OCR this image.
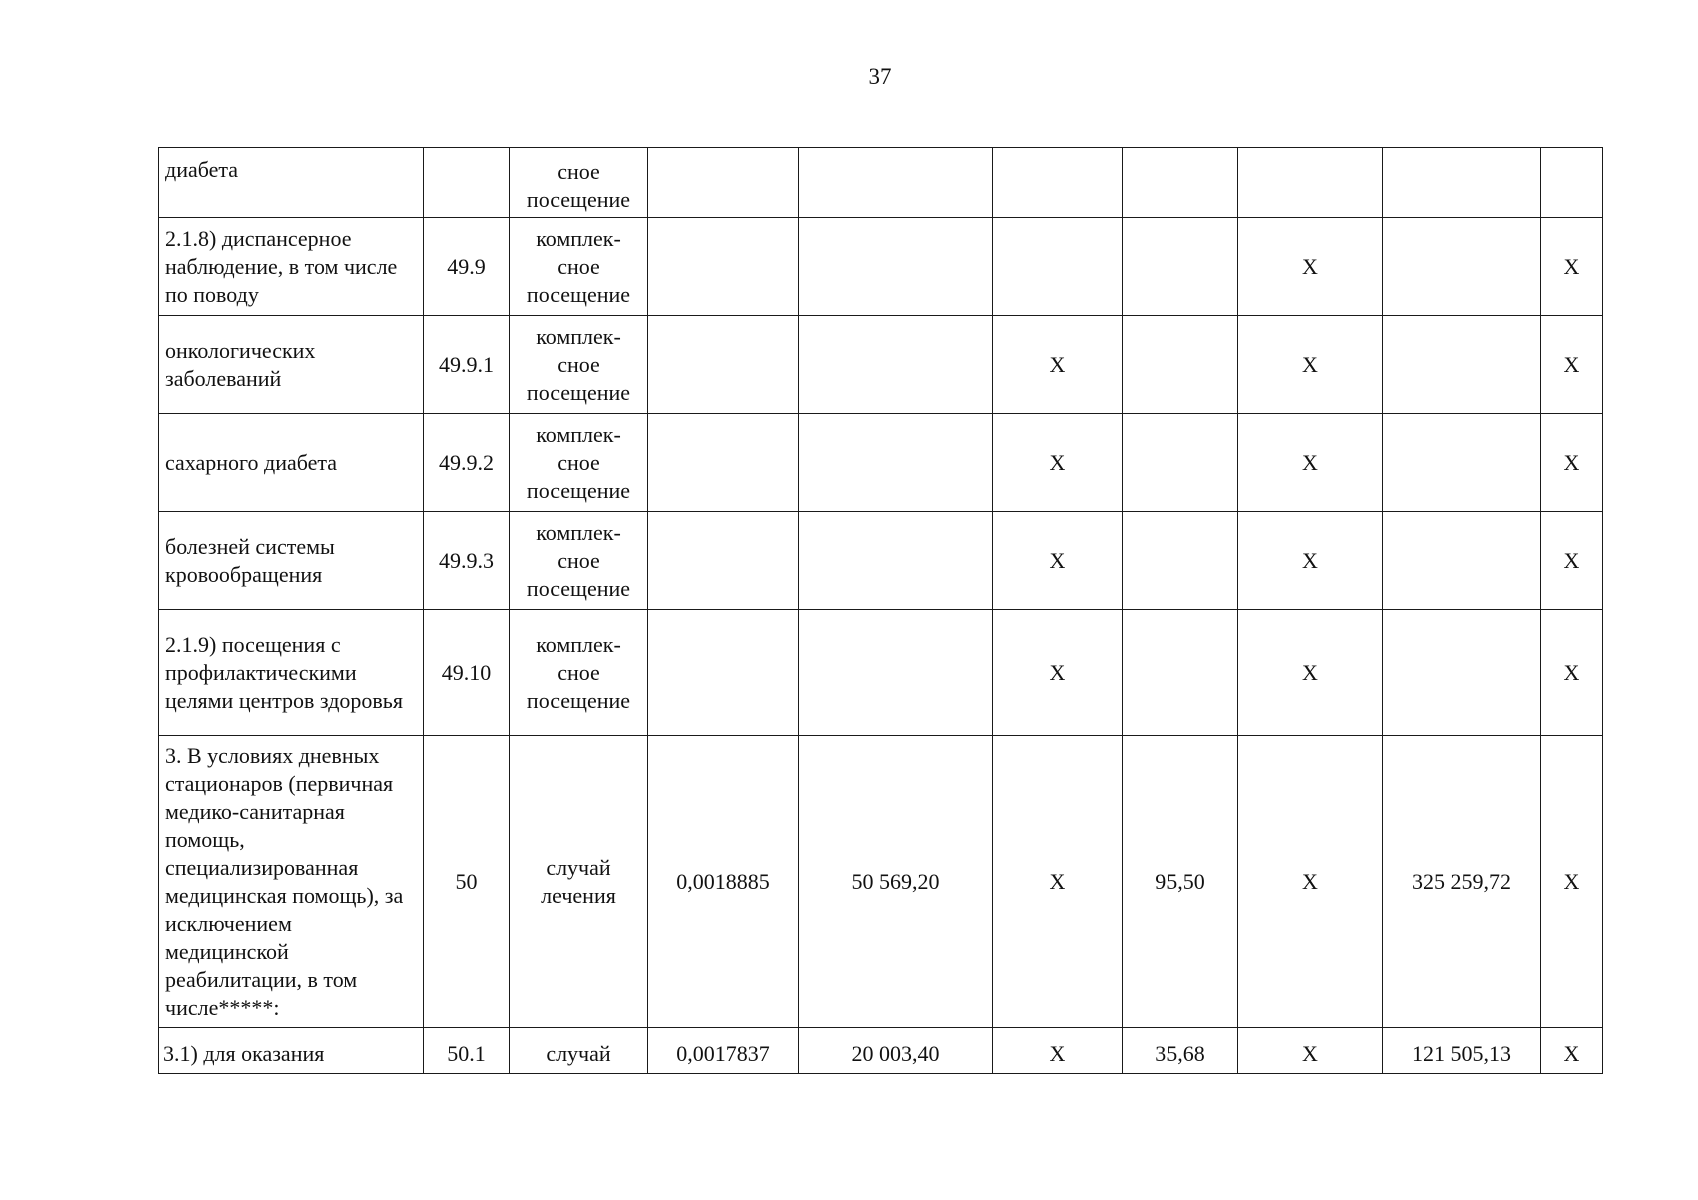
37
диабета		сное посещение							
2.1.8) диспансерное наблюдение, в том числе по поводу	49.9	комплек-сное посещение					Х		Х
онкологических заболеваний	49.9.1	комплек-сное посещение			Х		Х		Х
сахарного диабета	49.9.2	комплек-сное посещение			Х		Х		Х
болезней системы кровообращения	49.9.3	комплек-сное посещение			Х		Х		Х
2.1.9) посещения с профилактическими целями центров здоровья	49.10	комплек-сное посещение			Х		Х		Х
3. В условиях дневных стационаров (первичная медико-санитарная помощь, специализированная медицинская помощь), за исключением медицинской реабилитации, в том числе*****:	50	случай лечения	0,0018885	50 569,20	Х	95,50	Х	325 259,72	Х
3.1) для оказания	50.1	случай	0,0017837	20 003,40	Х	35,68	Х	121 505,13	Х
